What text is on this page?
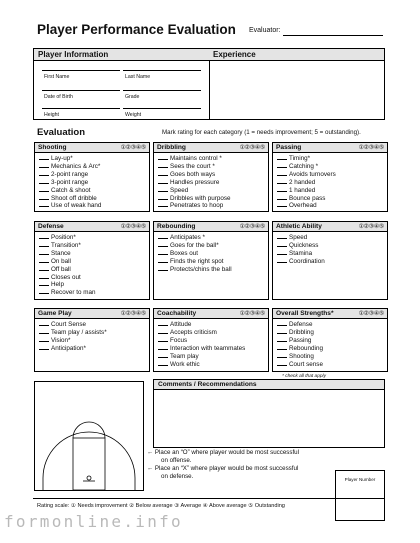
Player Performance Evaluation Evaluator:
Player Information	Experience
First Name	Last Name
Date of Birth	Grade
Height	Weight
Evaluation	Mark rating for each category (1 = needs improvement; 5 = outstanding).
Shooting	①②③④⑤
Lay-up*
Mechanics & Arc*
2-point range
3-point range
Catch & shoot
Shoot off dribble
Use of weak hand
Dribbling	①②③④⑤
Maintains control *
Sees the court *
Goes both ways
Handles pressure
Speed
Dribbles with purpose
Penetrates to hoop
Passing	①②③④⑤
Timing*
Catching *
Avoids turnovers
2 handed
1 handed
Bounce pass
Overhead
Defense	①②③④⑤
Position*
Transition*
Stance
On ball
Off ball
Closes out
Help
Recover to man
Rebounding	①②③④⑤
Anticipates *
Goes for the ball*
Boxes out
Finds the right spot
Protects/chins the ball
Athletic Ability	①②③④⑤
Speed
Quickness
Stamina
Coordination
Game Play	①②③④⑤
Court Sense
Team play / assists*
Vision*
Anticipation*
Coachability	①②③④⑤
Attitude
Accepts criticism
Focus
Interaction with teammates
Team play
Work ethic
Overall Strengths*	①②③④⑤
Defense
Dribbling
Passing
Rebounding
Shooting
Court sense
* check all that apply
Comments / Recommendations
← Place an “O” where player would be most successful
on offense.
← Place an “X” where player would be most successful
on defense.	Player Number
Rating scale: ① Needs improvement ② Below average ③ Average ④ Above average ⑤ Outstanding
formonline.info
